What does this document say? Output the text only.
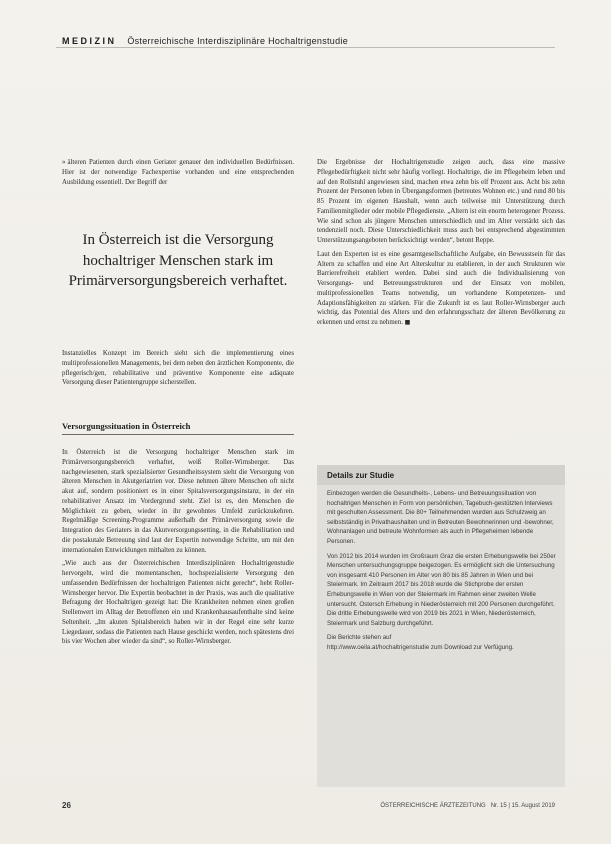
MEDIZIN Österreichische Interdisziplinäre Hochaltrigenstudie

» älteren Patienten durch einen Geriater genauer den individuellen Bedürfnissen. Hier ist der notwendige Fachexpertise vorhanden und eine entsprechenden Ausbildung essentiell. Der Begriff der

In Österreich ist die Versorgung hochaltriger Menschen stark im Primärversorgungsbereich verhaftet.

Instanzielles Konzept im Bereich sieht sich die implementierung eines multiprofessionellen Managements, bei dem neben den ärztlichen Komponente, die pflegerisch/gen, rehabilitative und präventive Komponente eine adäquate Versorgung dieser Patientengruppe sicherstellen.

Versorgungssituation in Österreich

In Österreich ist die Versorgung hochaltriger Menschen stark im Primärversorgungsbereich verhaftet, weiß Roller-Wirnsberger. Das nachgewiesenen, stark spezialisierter Gesundheitssystem sieht die Versorgung von älteren Menschen in Akutgeriatrien vor. Diese nehmen ältere Menschen oft nicht akut auf, sondern positioniert es in einer Spitalsversorgungsinstanz, in der ein rehabilitativer Ansatz im Vordergrund steht. Ziel ist es, den Menschen die Möglichkeit zu geben, wieder in ihr gewohntes Umfeld zurückzukehren. Regelmäßige Screening-Programme außerhalb der Primärversorgung sowie die Integration des Geriaters in das Akutversorgungssetting, in die Rehabilitation und die postakutale Betreuung sind laut der Expertin notwendige Schritte, um mit den internationalen Entwicklungen mithalten zu können.

„Wie auch aus der Österreichischen Interdisziplinären Hochaltrigenstudie hervorgeht, wird die momentanschen, hochspezialisierte Versorgung den umfassenden Bedürfnissen der hochaltrigen Patienten nicht gerecht“, hebt Roller-Wirnsberger hervor. Die Expertin beobachtet in der Praxis, was auch die qualitative Befragung der Hochaltrigen gezeigt hat: Die Krankheiten nehmen einen großen Stellenwert im Alltag der Betroffenen ein und Krankenhausaufenthalte sind keine Seltenheit. „Im akuten Spitalsbereich haben wir in der Regel eine sehr kurze Liegedauer, sodass die Patienten nach Hause geschickt werden, noch spätestens drei bis vier Wochen aber wieder da sind“, so Roller-Wirnsberger.

Die Ergebnisse der Hochaltrigenstudie zeigen auch, dass eine massive Pflegebedürftigkeit nicht sehr häufig vorliegt. Hochaltrige, die im Pflegeheim leben und auf den Rollstuhl angewiesen sind, machen etwa zehn bis elf Prozent aus. Acht bis zehn Prozent der Personen leben in Übergangsformen (betreutes Wohnen etc.) und rund 80 bis 85 Prozent im eigenen Haushalt, wenn auch teilweise mit Unterstützung durch Familienmitglieder oder mobile Pflegedienste. „Altern ist ein enorm heterogener Prozess. Wie sind schon als jüngere Menschen unterschiedlich und im Alter verstärkt sich das tendenziell noch. Diese Unterschiedlichkeit muss auch bei entsprechend abgestimmten Unterstützungsangeboten berücksichtigt werden“, betont Reppe.

Laut den Experten ist es eine gesamtgesellschaftliche Aufgabe, ein Bewusstsein für das Altern zu schaffen und eine Art Alterskultur zu etablieren, in der auch Strukturen wie Barrierefreiheit etabliert werden. Dabei sind auch die Individualisierung von Versorgungs- und Betreuungsstrukturen und der Einsatz von mobilen, multiprofessionellen Teams notwendig, um vorhandene Kompetenzen- und Adaptionsfähigkeiten zu stärken. Für die Zukunft ist es laut Roller-Wirnsberger auch wichtig, das Potential des Alters und den erfahrungsschatz der älteren Bevölkerung zu erkennen und ernst zu nehmen. ■

Details zur Studie

Einbezogen werden die Gesundheits-, Lebens- und Betreuungssituation von hochaltrigen Menschen in Form von persönlichen, Tagebuch-gestützten Interviews mit geschulten Assessment. Die 80+ Teilnehmenden wurden aus Schulzweig an selbstständig in Privathaushalten und in Betreuten Bewohnerinnen und -bewohner, Wohnanlagen und betreute Wohnformen als auch in Pflegeheimen lebende Personen.

Von 2012 bis 2014 wurden im Großraum Graz die ersten Erhebungswelle bei 250er Menschen untersuchungsgruppe beigezogen. Es ermöglicht sich die Untersuchung von insgesamt 410 Personen im Alter von 80 bis 85 Jahren in Wien und bei Steiermark. Im Zeitraum 2017 bis 2018 wurde die Stichprobe der ersten Erhebungswelle in Wien von der Steiermark im Rahmen einer zweiten Welle untersucht. Ostersch Erhebung in Niederösterreich mit 200 Personen durchgeführt. Die dritte Erhebungswelle wird von 2019 bis 2021 in Wien, Niederösterreich, Steiermark und Salzburg durchgeführt.

Die Berichte stehen auf
http://www.oeila.at/hochaltrigenstudie zum Download zur Verfügung.

26	ÖSTERREICHISCHE ÄRZTEZEITUNG Nr. 15 | 15. August 2019
